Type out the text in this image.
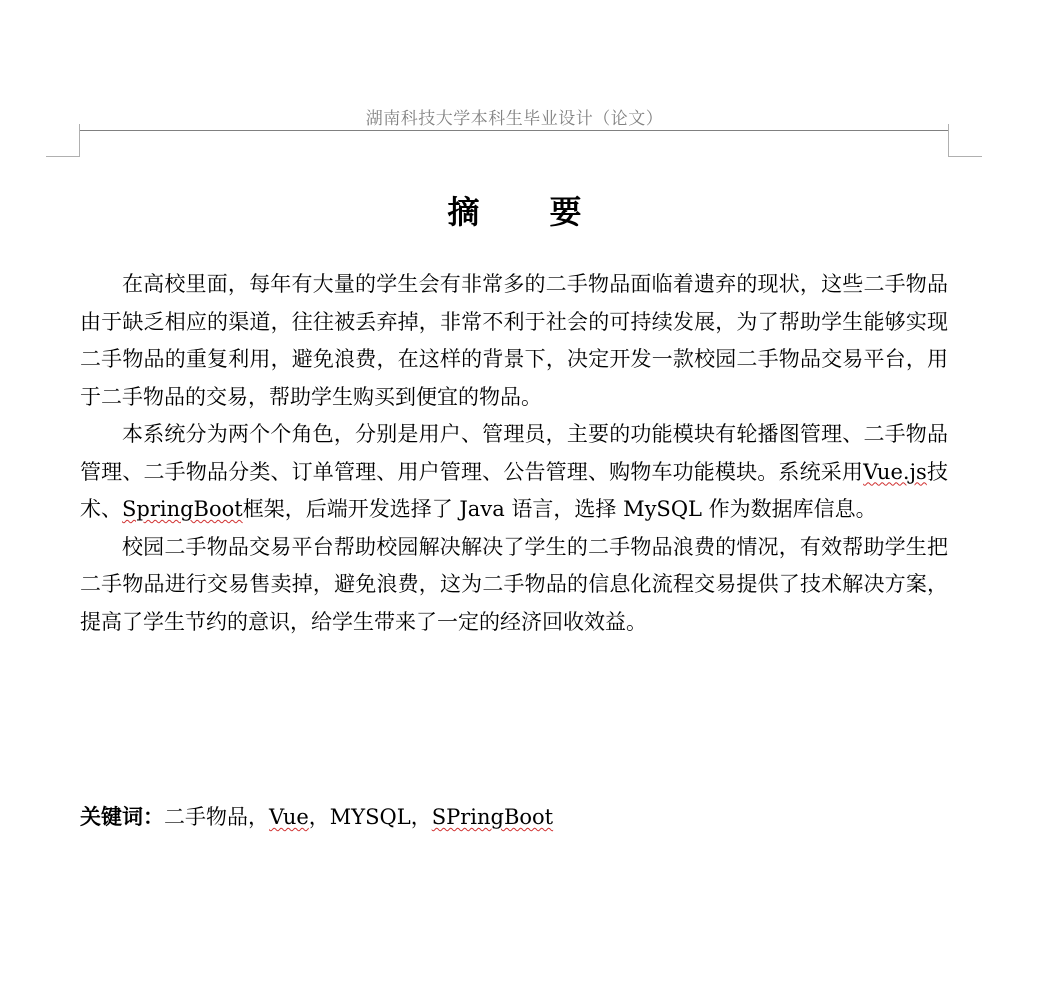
湖南科技大学本科生毕业设计（论文）
摘要

在高校里面，每年有大量的学生会有非常多的二手物品面临着遗弃的现状，这些二手物品由于缺乏相应的渠道，往往被丢弃掉，非常不利于社会的可持续发展，为了帮助学生能够实现二手物品的重复利用，避免浪费，在这样的背景下，决定开发一款校园二手物品交易平台，用于二手物品的交易，帮助学生购买到便宜的物品。

本系统分为两个个角色，分别是用户、管理员，主要的功能模块有轮播图管理、二手物品管理、二手物品分类、订单管理、用户管理、公告管理、购物车功能模块。系统采用Vue.js技术、SpringBoot框架，后端开发选择了 Java 语言，选择 MySQL 作为数据库信息。

校园二手物品交易平台帮助校园解决解决了学生的二手物品浪费的情况，有效帮助学生把二手物品进行交易售卖掉，避免浪费，这为二手物品的信息化流程交易提供了技术解决方案，提高了学生节约的意识，给学生带来了一定的经济回收效益。

关键词：二手物品，Vue，MYSQL，SPringBoot
